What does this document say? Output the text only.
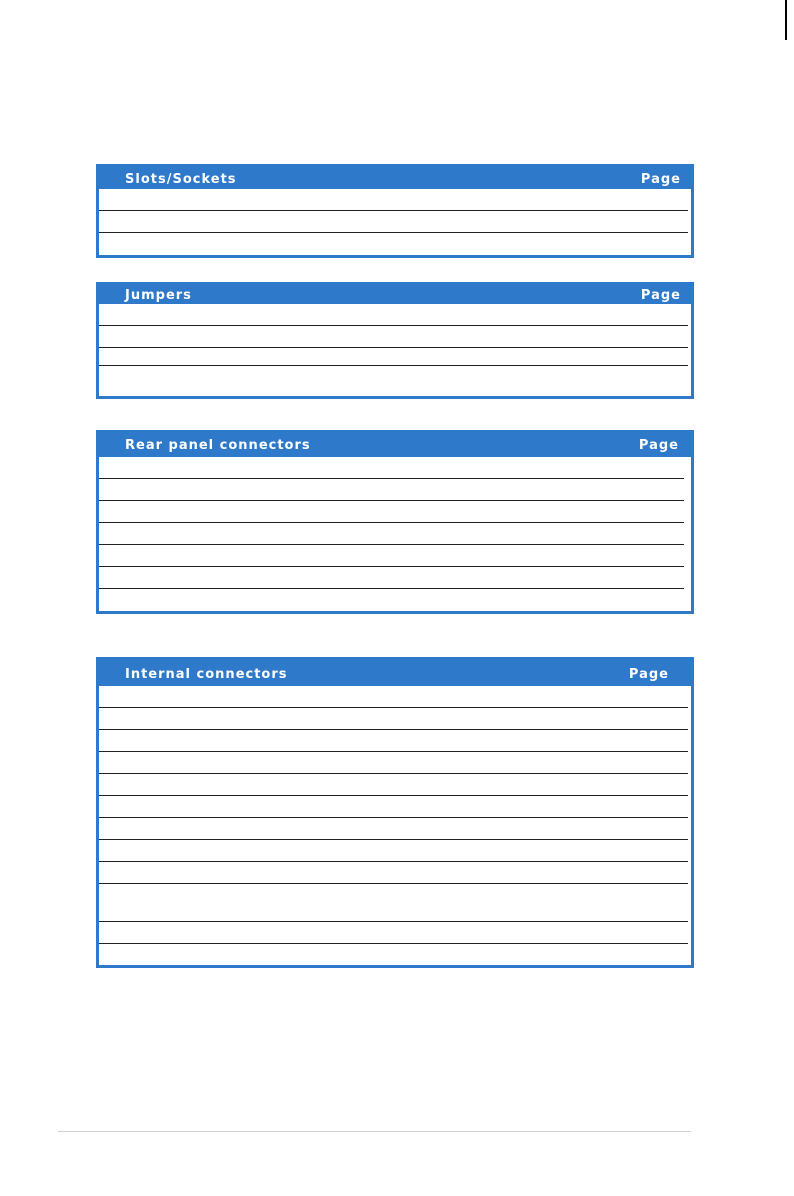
Slots/Sockets	Page
Jumpers	Page
Rear panel connectors	Page
Internal connectors	Page
